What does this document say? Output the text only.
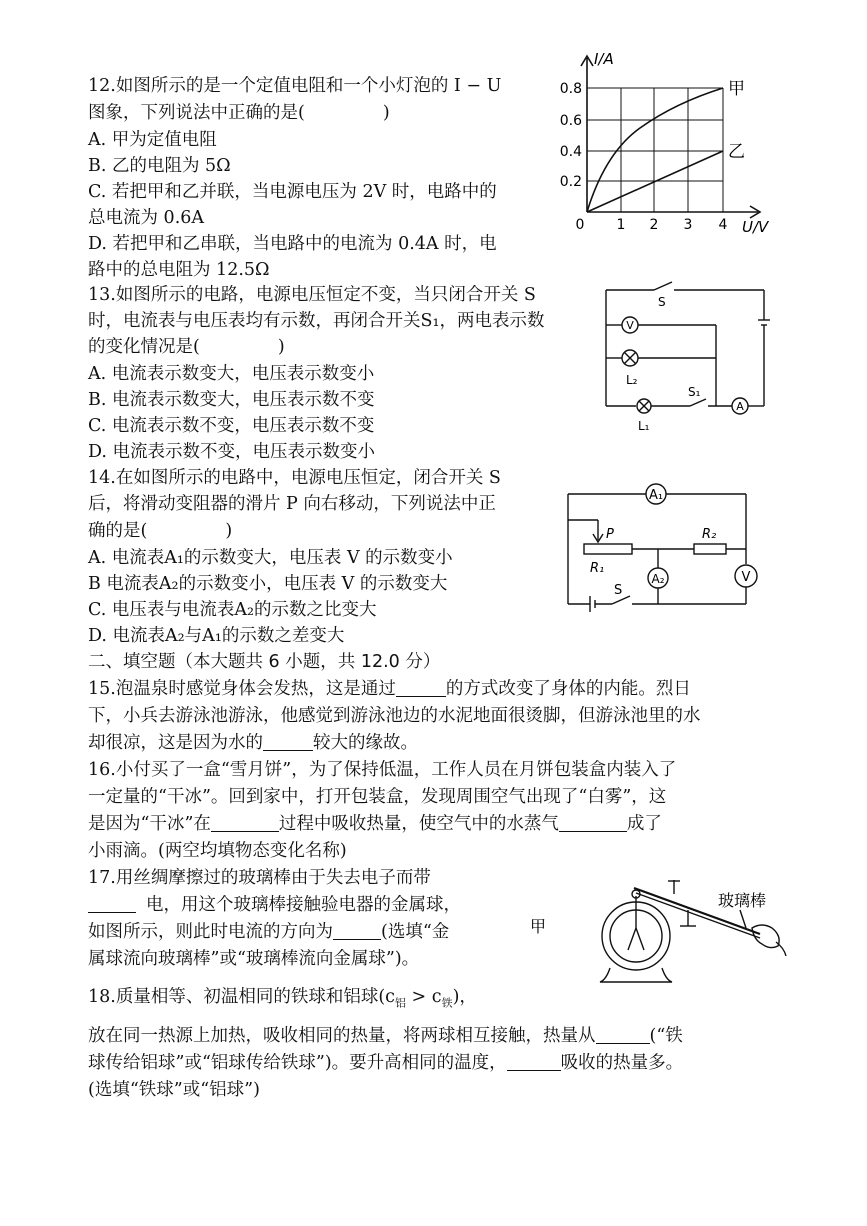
12.如图所示的是一个定值电阻和一个小灯泡的 I − U
图象，下列说法中正确的是(	)
A. 甲为定值电阻
B. 乙的电阻为 5Ω
C. 若把甲和乙并联，当电源电压为 2V 时，电路中的
总电流为 0.6A
D. 若把甲和乙串联，当电路中的电流为 0.4A 时，电
路中的总电阻为 12.5Ω
I/A
U/V
0.8
0.6
0.4
0.2
0 1 2 3 4
甲
乙
13.如图所示的电路，电源电压恒定不变，当只闭合开关 S
时，电流表与电压表均有示数，再闭合开关S₁，两电表示数
的变化情况是(	)
A. 电流表示数变大，电压表示数变小
B. 电流表示数变大，电压表示数不变
C. 电流表示数不变，电压表示数不变
D. 电流表示数不变，电压表示数变小
S
V
L₂
S₁
A
L₁
14.在如图所示的电路中，电源电压恒定，闭合开关 S
后，将滑动变阻器的滑片 P 向右移动，下列说法中正
确的是(	)
A. 电流表A₁的示数变大，电压表 V 的示数变小
B 电流表A₂的示数变小，电压表 V 的示数变大
C. 电压表与电流表A₂的示数之比变大
D. 电流表A₂与A₁的示数之差变大
A₁
P	R₂
R₁
A₂	V
S
二、填空题（本大题共 6 小题，共 12.0 分）
15.泡温泉时感觉身体会发热，这是通过	的方式改变了身体的内能。烈日
下，小兵去游泳池游泳，他感觉到游泳池边的水泥地面很烫脚，但游泳池里的水
却很凉，这是因为水的	较大的缘故。
16.小付买了一盒“雪月饼”，为了保持低温，工作人员在月饼包装盒内装入了
一定量的“干冰”。回到家中，打开包装盒，发现周围空气出现了“白雾”，这
是因为“干冰”在	过程中吸收热量，使空气中的水蒸气	成了
小雨滴。(两空均填物态变化名称)
17.用丝绸摩擦过的玻璃棒由于失去电子而带
电，用这个玻璃棒接触验电器的金属球，
如图所示，则此时电流的方向为	(选填“金
属球流向玻璃棒”或“玻璃棒流向金属球”)。
甲
玻璃棒
18.质量相等、初温相同的铁球和铝球$(c_铝 > c_铁)$，
放在同一热源上加热，吸收相同的热量，将两球相互接触，热量从	(“铁
球传给铝球”或“铝球传给铁球”)。要升高相同的温度，	吸收的热量多。
(选填“铁球”或“铝球”)
